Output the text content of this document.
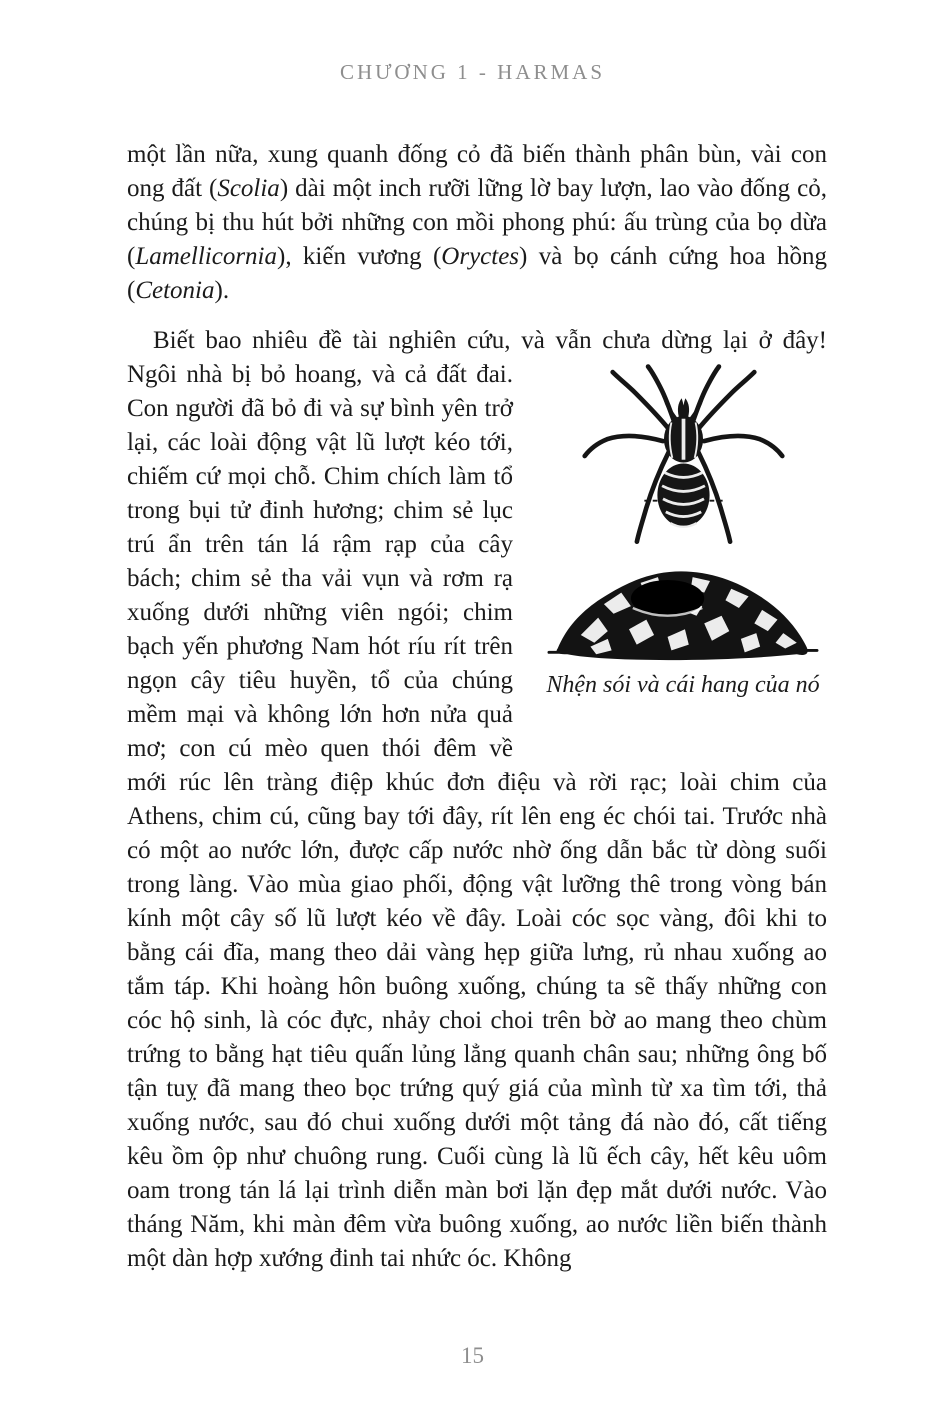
CHƯƠNG 1 - HARMAS

một lần nữa, xung quanh đống cỏ đã biến thành phân bùn, vài con ong đất (Scolia) dài một inch rưỡi lững lờ bay lượn, lao vào đống cỏ, chúng bị thu hút bởi những con mồi phong phú: ấu trùng của bọ dừa (Lamellicornia), kiến vương (Oryctes) và bọ cánh cứng hoa hồng (Cetonia).

Biết bao nhiêu đề tài nghiên cứu, và vẫn chưa dừng lại ở đây!

Nhện sói và cái hang của nó

Ngôi nhà bị bỏ hoang, và cả đất đai. Con người đã bỏ đi và sự bình yên trở lại, các loài động vật lũ lượt kéo tới, chiếm cứ mọi chỗ. Chim chích làm tổ trong bụi tử đinh hương; chim sẻ lục trú ẩn trên tán lá rậm rạp của cây bách; chim sẻ tha vải vụn và rơm rạ xuống dưới những viên ngói; chim bạch yến phương Nam hót ríu rít trên ngọn cây tiêu huyền, tổ của chúng mềm mại và không lớn hơn nửa quả mơ; con cú mèo quen thói đêm về mới rúc lên tràng điệp khúc đơn điệu và rời rạc; loài chim của Athens, chim cú, cũng bay tới đây, rít lên eng éc chói tai. Trước nhà có một ao nước lớn, được cấp nước nhờ ống dẫn bắc từ dòng suối trong làng. Vào mùa giao phối, động vật lưỡng thê trong vòng bán kính một cây số lũ lượt kéo về đây. Loài cóc sọc vàng, đôi khi to bằng cái đĩa, mang theo dải vàng hẹp giữa lưng, rủ nhau xuống ao tắm táp. Khi hoàng hôn buông xuống, chúng ta sẽ thấy những con cóc hộ sinh, là cóc đực, nhảy choi choi trên bờ ao mang theo chùm trứng to bằng hạt tiêu quấn lủng lẳng quanh chân sau; những ông bố tận tuỵ đã mang theo bọc trứng quý giá của mình từ xa tìm tới, thả xuống nước, sau đó chui xuống dưới một tảng đá nào đó, cất tiếng kêu ồm ộp như chuông rung. Cuối cùng là lũ ếch cây, hết kêu uôm oam trong tán lá lại trình diễn màn bơi lặn đẹp mắt dưới nước. Vào tháng Năm, khi màn đêm vừa buông xuống, ao nước liền biến thành một dàn hợp xướng đinh tai nhức óc. Không

15
